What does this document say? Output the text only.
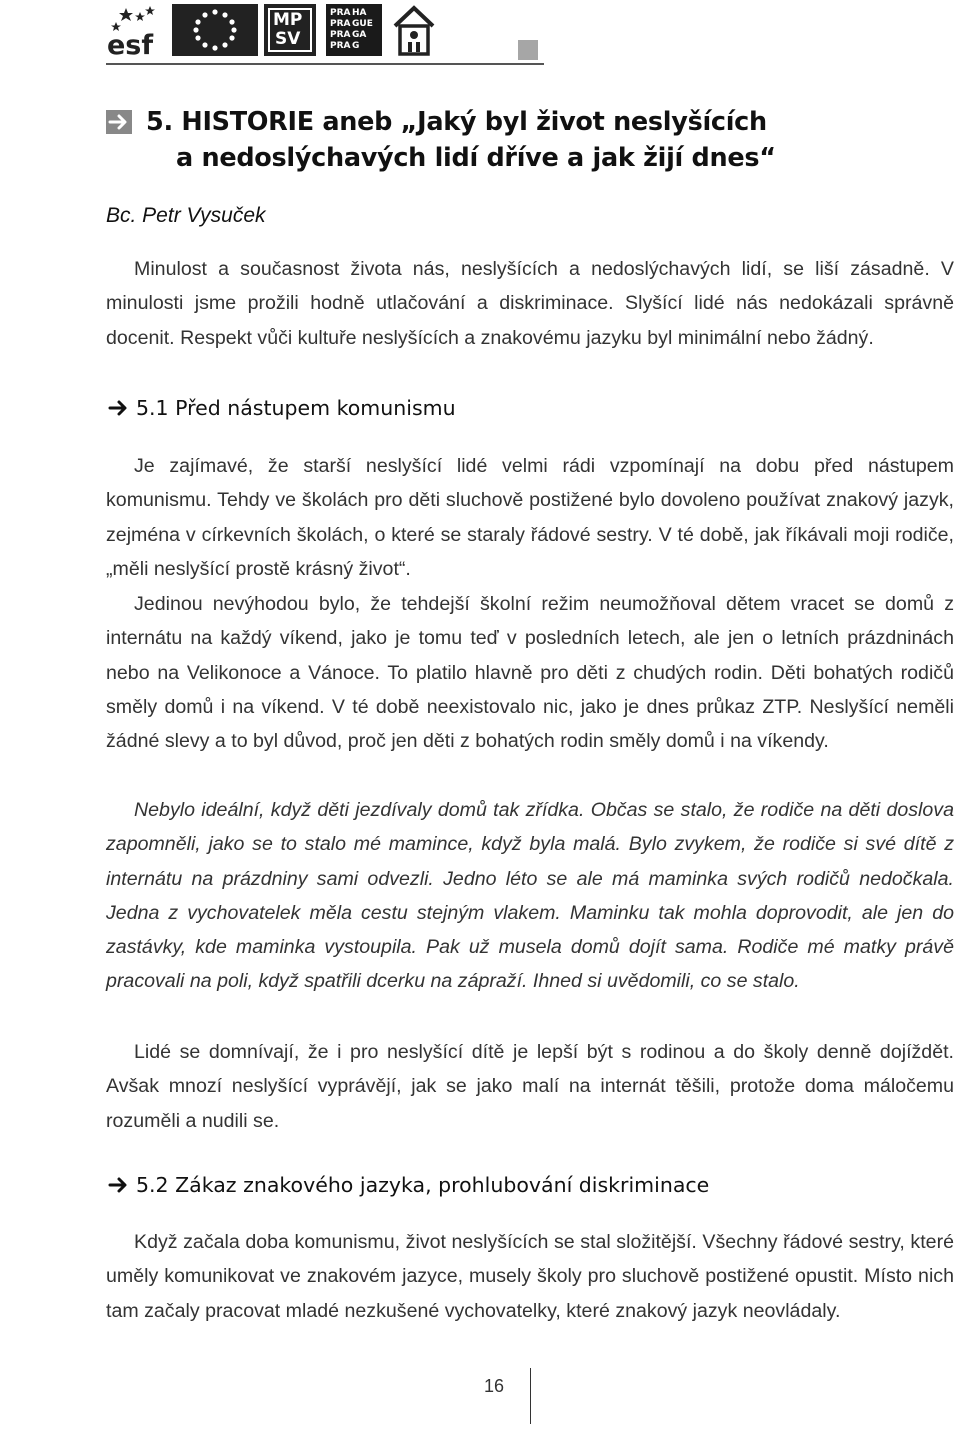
esf
MP
SV
PRA HA
PRA GUE
PRA GA
PRA G
5. HISTORIE aneb „Jaký byl život neslyšících
a nedoslýchavých lidí dříve a jak žijí dnes“
Bc. Petr Vysuček

Minulost a současnost života nás, neslyšících a nedoslýchavých lidí, se liší zásadně. V minulosti jsme prožili hodně utlačování a diskriminace. Slyšící lidé nás nedokázali správně docenit. Respekt vůči kultuře neslyšících a znakovému jazyku byl minimální nebo žádný.

5.1 Před nástupem komunismu

Je zajímavé, že starší neslyšící lidé velmi rádi vzpomínají na dobu před nástupem komunismu. Tehdy ve školách pro děti sluchově postižené bylo dovoleno používat znakový jazyk, zejména v církevních školách, o které se staraly řádové sestry. V té době, jak říkávali moji rodiče, „měli neslyšící prostě krásný život“.

Jedinou nevýhodou bylo, že tehdejší školní režim neumožňoval dětem vracet se domů z internátu na každý víkend, jako je tomu teď v posledních letech, ale jen o letních prázdninách nebo na Velikonoce a Vánoce. To platilo hlavně pro děti z chudých rodin. Děti bohatých rodičů směly domů i na víkend. V té době neexistovalo nic, jako je dnes průkaz ZTP. Neslyšící neměli žádné slevy a to byl důvod, proč jen děti z bohatých rodin směly domů i na víkendy.

Nebylo ideální, když děti jezdívaly domů tak zřídka. Občas se stalo, že rodiče na děti doslova zapomněli, jako se to stalo mé mamince, když byla malá. Bylo zvykem, že rodiče si své dítě z internátu na prázdniny sami odvezli. Jedno léto se ale má maminka svých rodičů nedočkala. Jedna z vychovatelek měla cestu stejným vlakem. Maminku tak mohla doprovodit, ale jen do zastávky, kde maminka vystoupila. Pak už musela domů dojít sama. Rodiče mé matky právě pracovali na poli, když spatřili dcerku na zápraží. Ihned si uvědomili, co se stalo.

Lidé se domnívají, že i pro neslyšící dítě je lepší být s rodinou a do školy denně dojíždět. Avšak mnozí neslyšící vyprávějí, jak se jako malí na internát těšili, protože doma máločemu rozuměli a nudili se.

5.2 Zákaz znakového jazyka, prohlubování diskriminace

Když začala doba komunismu, život neslyšících se stal složitější. Všechny řádové sestry, které uměly komunikovat ve znakovém jazyce, musely školy pro sluchově postižené opustit. Místo nich tam začaly pracovat mladé nezkušené vychovatelky, které znakový jazyk neovládaly.

16
